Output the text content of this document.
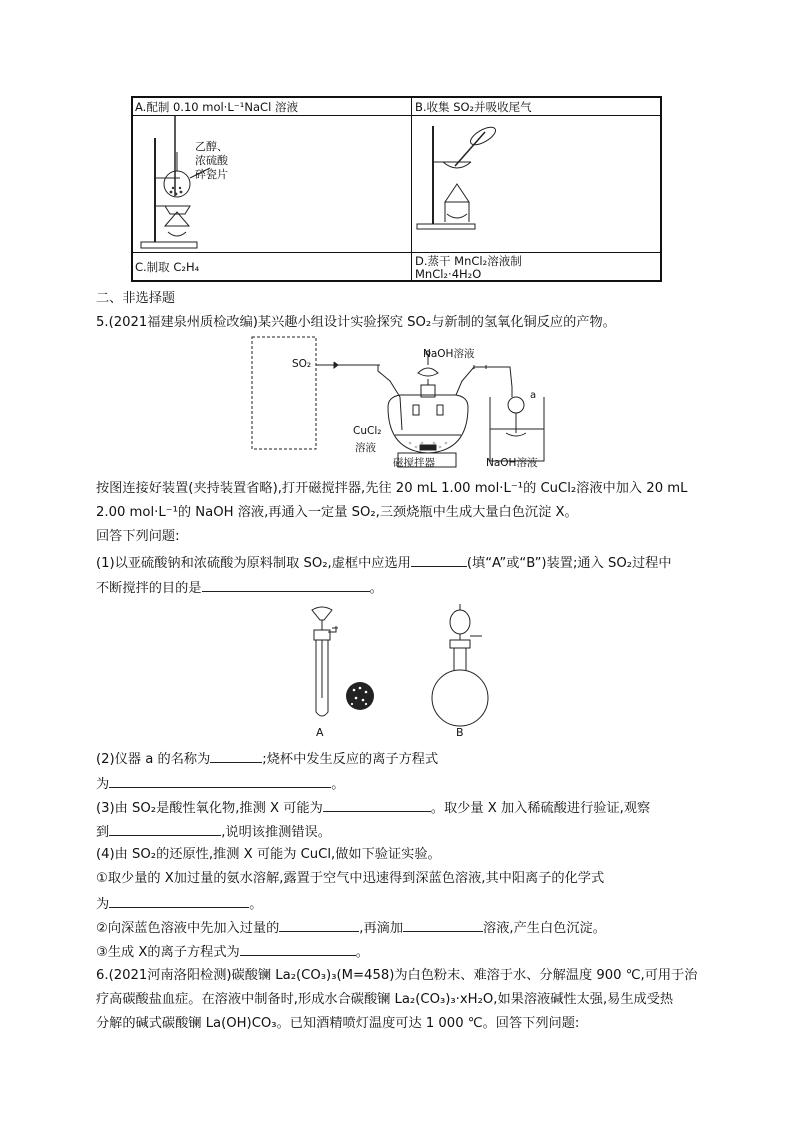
A.配制 0.10 mol·L⁻¹NaCl 溶液	B.收集 SO₂并吸收尾气
C.制取 C₂H₄	D.蒸干 MnCl₂溶液制
MnCl₂·4H₂O
乙醇、
浓硫酸
碎瓷片
二、非选择题
5.(2021福建泉州质检改编)某兴趣小组设计实验探究 SO₂与新制的氢氧化铜反应的产物。
SO₂
NaOH溶液
a
CuCl₂
溶液
磁搅拌器	NaOH溶液
按图连接好装置(夹持装置省略),打开磁搅拌器,先往 20 mL 1.00 mol·L⁻¹的 CuCl₂溶液中加入 20 mL
2.00 mol·L⁻¹的 NaOH 溶液,再通入一定量 SO₂,三颈烧瓶中生成大量白色沉淀 X。
回答下列问题:
(1)以亚硫酸钠和浓硫酸为原料制取 SO₂,虚框中应选用	(填“A”或“B”)装置;通入 SO₂过程中
不断搅拌的目的是	。
A	B
(2)仪器 a 的名称为	;烧杯中发生反应的离子方程式
为	。
(3)由 SO₂是酸性氧化物,推测 X 可能为	。取少量 X 加入稀硫酸进行验证,观察
到	,说明该推测错误。
(4)由 SO₂的还原性,推测 X 可能为 CuCl,做如下验证实验。
①取少量的 X加过量的氨水溶解,露置于空气中迅速得到深蓝色溶液,其中阳离子的化学式
为	。
②向深蓝色溶液中先加入过量的	,再滴加	溶液,产生白色沉淀。
③生成 X的离子方程式为	。
6.(2021河南洛阳检测)碳酸镧 La₂(CO₃)₃(M=458)为白色粉末、难溶于水、分解温度 900 ℃,可用于治
疗高碳酸盐血症。在溶液中制备时,形成水合碳酸镧 La₂(CO₃)₃·xH₂O,如果溶液碱性太强,易生成受热
分解的碱式碳酸镧 La(OH)CO₃。已知酒精喷灯温度可达 1 000 ℃。回答下列问题:
